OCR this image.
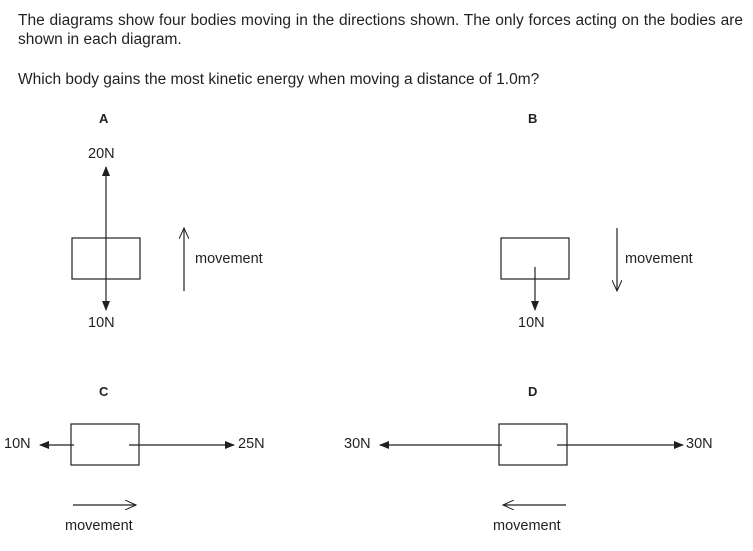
The diagrams show four bodies moving in the directions shown. The only forces acting on the bodies are shown in each diagram.
Which body gains the most kinetic energy when moving a distance of 1.0m?
A	B
C	D
20N
10N	10N
10N	25N	30N	30N
movement	movement
movement	movement
